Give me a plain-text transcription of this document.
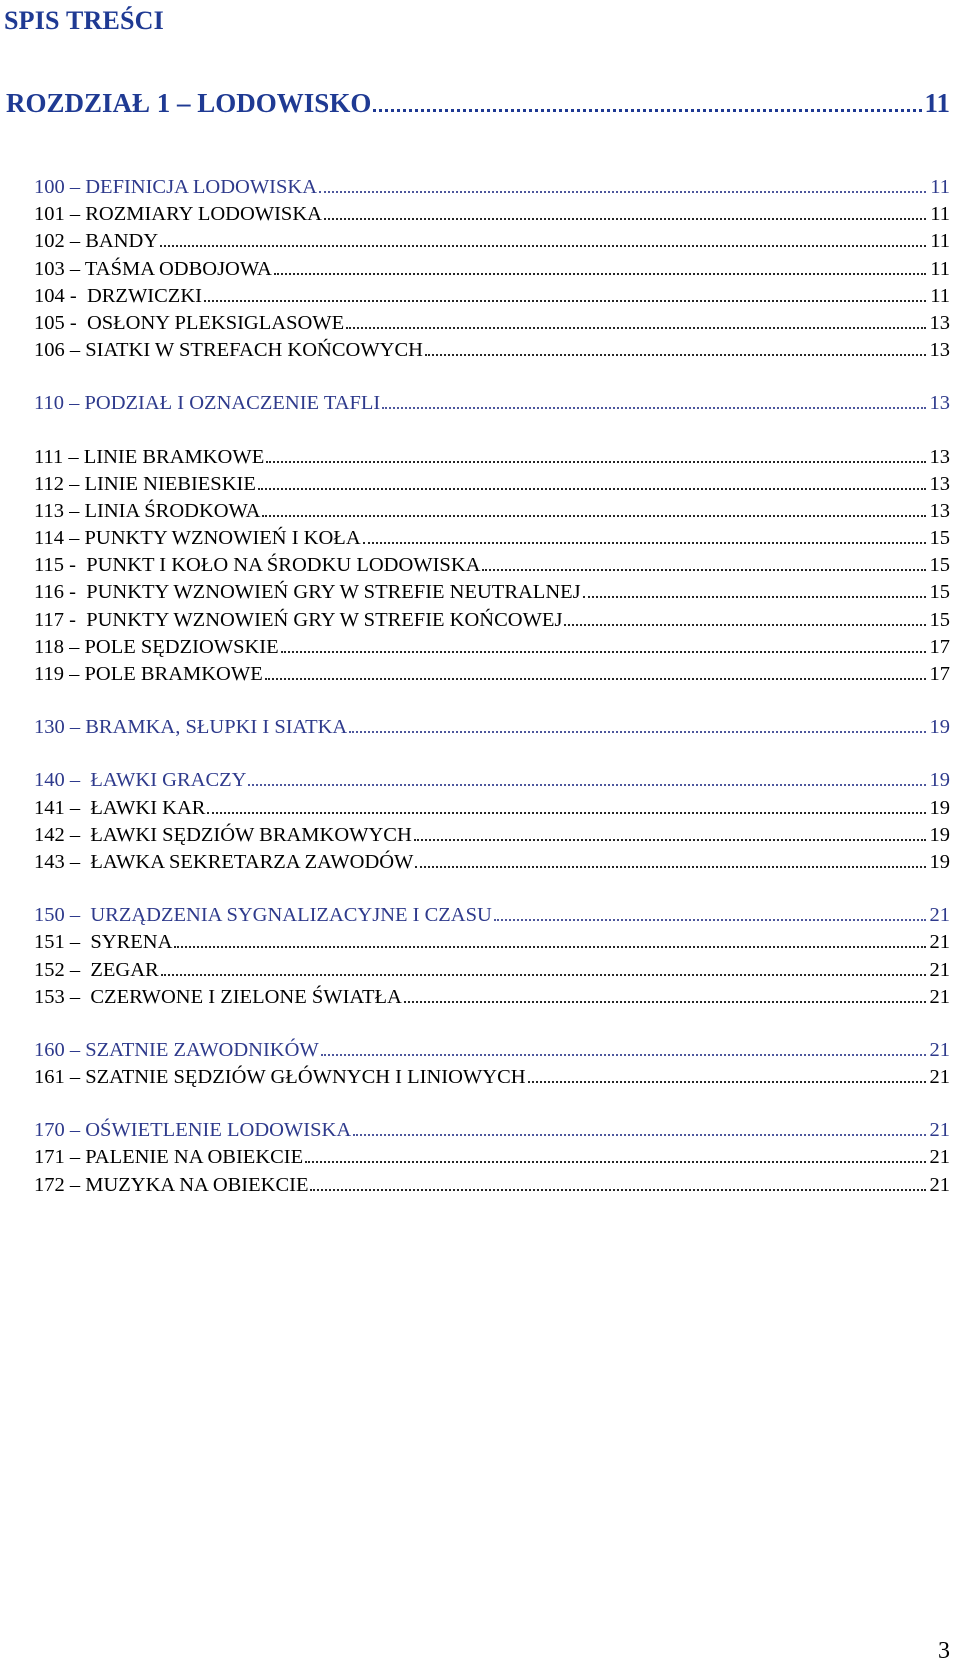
SPIS TREŚCI
ROZDZIAŁ 1 – LODOWISKO	11
100 – DEFINICJA LODOWISKA	11
101 – ROZMIARY LODOWISKA	11
102 – BANDY	11
103 – TAŚMA ODBOJOWA	11
104 -  DRZWICZKI	11
105 -  OSŁONY PLEKSIGLASOWE	13
106 – SIATKI W STREFACH KOŃCOWYCH	13
110 – PODZIAŁ I OZNACZENIE TAFLI	13
111 – LINIE BRAMKOWE	13
112 – LINIE NIEBIESKIE	13
113 – LINIA ŚRODKOWA	13
114 – PUNKTY WZNOWIEŃ I KOŁA	15
115 -  PUNKT I KOŁO NA ŚRODKU LODOWISKA	15
116 -  PUNKTY WZNOWIEŃ GRY W STREFIE NEUTRALNEJ	15
117 -  PUNKTY WZNOWIEŃ GRY W STREFIE KOŃCOWEJ	15
118 – POLE SĘDZIOWSKIE	17
119 – POLE BRAMKOWE	17
130 – BRAMKA, SŁUPKI I SIATKA	19
140 –  ŁAWKI GRACZY	19
141 –  ŁAWKI KAR	19
142 –  ŁAWKI SĘDZIÓW BRAMKOWYCH	19
143 –  ŁAWKA SEKRETARZA ZAWODÓW	19
150 –  URZĄDZENIA SYGNALIZACYJNE I CZASU	21
151 –  SYRENA	21
152 –  ZEGAR	21
153 –  CZERWONE I ZIELONE ŚWIATŁA	21
160 – SZATNIE ZAWODNIKÓW	21
161 – SZATNIE SĘDZIÓW GŁÓWNYCH I LINIOWYCH	21
170 – OŚWIETLENIE LODOWISKA	21
171 – PALENIE NA OBIEKCIE	21
172 – MUZYKA NA OBIEKCIE	21
3
